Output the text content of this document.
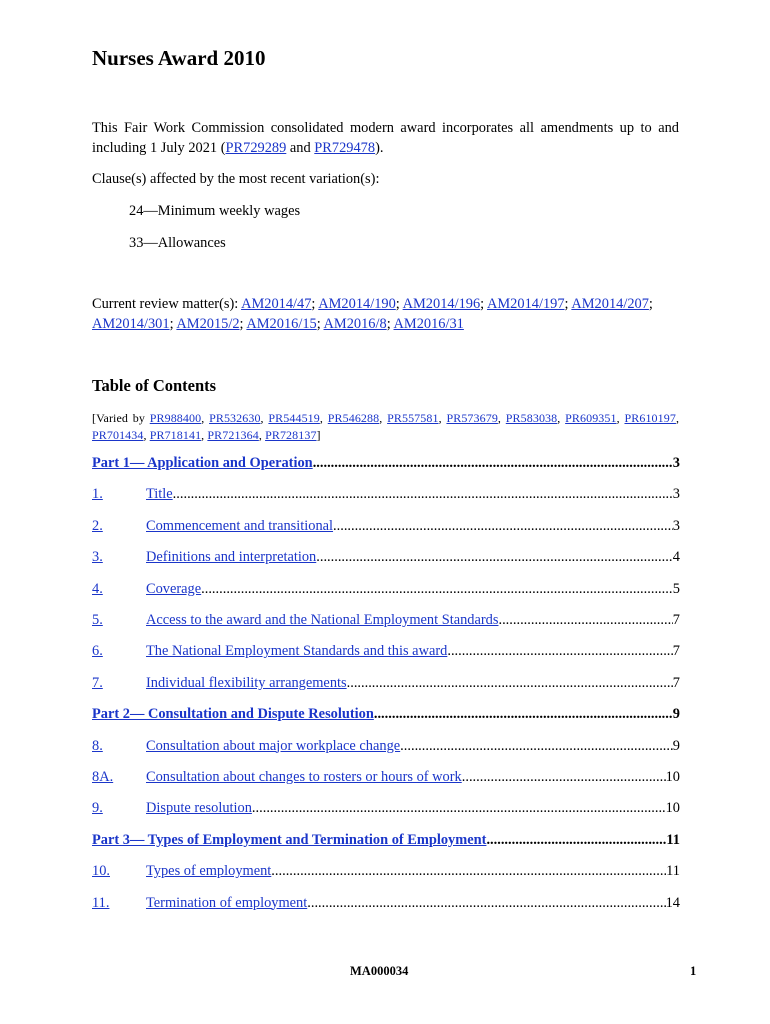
Nurses Award 2010
This Fair Work Commission consolidated modern award incorporates all amendments up to and including 1 July 2021 (PR729289 and PR729478).
Clause(s) affected by the most recent variation(s):
24—Minimum weekly wages
33—Allowances
Current review matter(s): AM2014/47; AM2014/190; AM2014/196; AM2014/197; AM2014/207; AM2014/301; AM2015/2; AM2016/15; AM2016/8; AM2016/31
Table of Contents
[Varied by PR988400, PR532630, PR544519, PR546288, PR557581, PR573679, PR583038, PR609351, PR610197, PR701434, PR718141, PR721364, PR728137]
Part 1— Application and Operation .....	3
1.	Title .....	3
2.	Commencement and transitional .....	3
3.	Definitions and interpretation .....	4
4.	Coverage .....	5
5.	Access to the award and the National Employment Standards .....	7
6.	The National Employment Standards and this award .....	7
7.	Individual flexibility arrangements .....	7
Part 2— Consultation and Dispute Resolution .....	9
8.	Consultation about major workplace change .....	9
8A.	Consultation about changes to rosters or hours of work .....	10
9.	Dispute resolution .....	10
Part 3— Types of Employment and Termination of Employment .....	11
10.	Types of employment .....	11
11.	Termination of employment .....	14
MA000034	1
